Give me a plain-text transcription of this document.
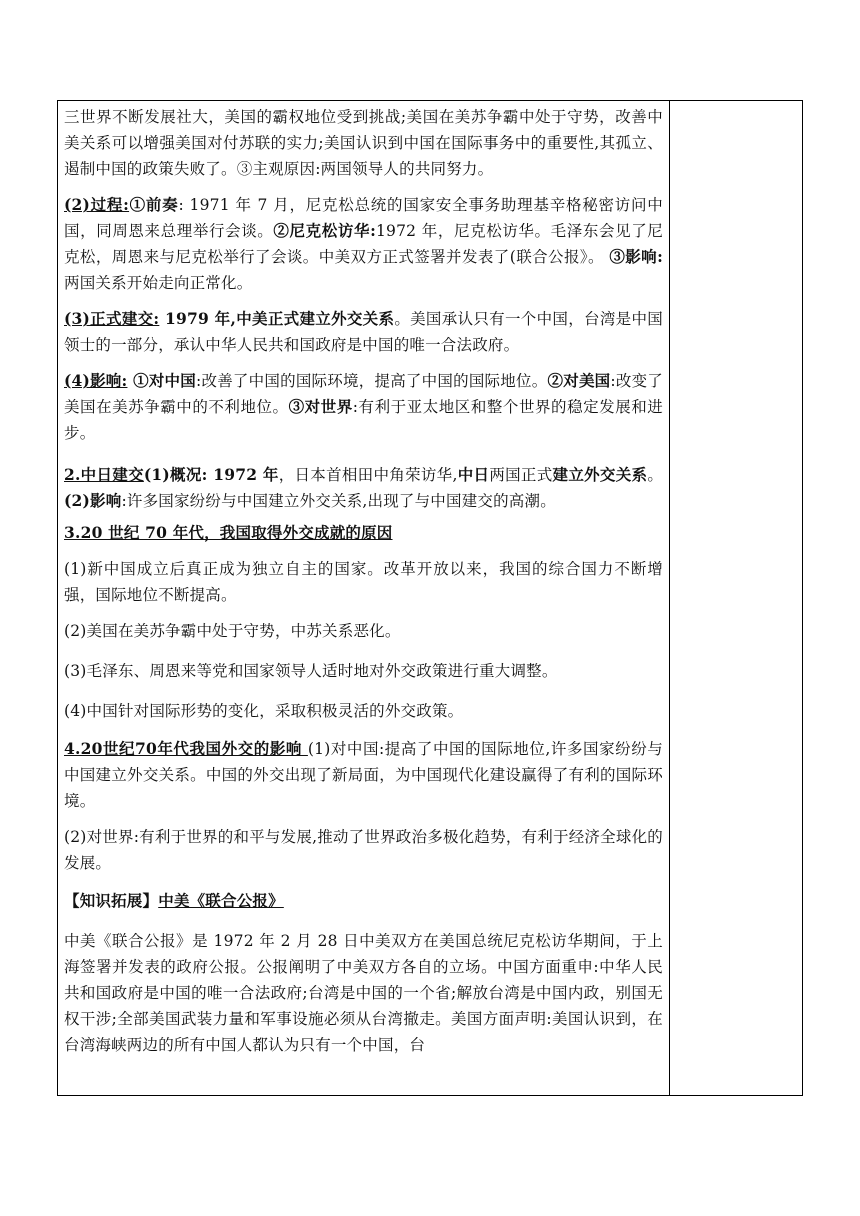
三世界不断发展社大，美国的霸权地位受到挑战;美国在美苏争霸中处于守势，改善中美关系可以增强美国对付苏联的实力;美国认识到中国在国际事务中的重要性,其孤立、遏制中国的政策失败了。③主观原因:两国领导人的共同努力。

(2)过程:①前奏: 1971 年 7 月，尼克松总统的国家安全事务助理基辛格秘密访问中国，同周恩来总理举行会谈。②尼克松访华:1972 年，尼克松访华。毛泽东会见了尼克松，周恩来与尼克松举行了会谈。中美双方正式签署并发表了(联合公报》。 ③影响:两国关系开始走向正常化。

(3)正式建交: 1979 年,中美正式建立外交关系。美国承认只有一个中国，台湾是中国领士的一部分，承认中华人民共和国政府是中国的唯一合法政府。

(4)影响: ①对中国:改善了中国的国际环境，提高了中国的国际地位。②对美国:改变了美国在美苏争霸中的不利地位。③对世界:有利于亚太地区和整个世界的稳定发展和进步。

2.中日建交(1)概况: 1972 年，日本首相田中角荣访华,中日两国正式建立外交关系。 (2)影响:许多国家纷纷与中国建立外交关系,出现了与中国建交的高潮。

3.20 世纪 70 年代，我国取得外交成就的原因

(1)新中国成立后真正成为独立自主的国家。改革开放以来，我国的综合国力不断增强，国际地位不断提高。

(2)美国在美苏争霸中处于守势，中苏关系恶化。

(3)毛泽东、周恩来等党和国家领导人适时地对外交政策进行重大调整。

(4)中国针对国际形势的变化，采取积极灵活的外交政策。

4.20世纪70年代我国外交的影响 (1)对中国:提高了中国的国际地位,许多国家纷纷与中国建立外交关系。中国的外交出现了新局面，为中国现代化建设赢得了有利的国际环境。

(2)对世界:有利于世界的和平与发展,推动了世界政治多极化趋势，有利于经济全球化的发展。

【知识拓展】中美《联合公报》

中美《联合公报》是 1972 年 2 月 28 日中美双方在美国总统尼克松访华期间，于上海签署并发表的政府公报。公报阐明了中美双方各自的立场。中国方面重申:中华人民共和国政府是中国的唯一合法政府;台湾是中国的一个省;解放台湾是中国内政，别国无权干涉;全部美国武装力量和军事设施必须从台湾撤走。美国方面声明:美国认识到，在台湾海峡两边的所有中国人都认为只有一个中国，台
